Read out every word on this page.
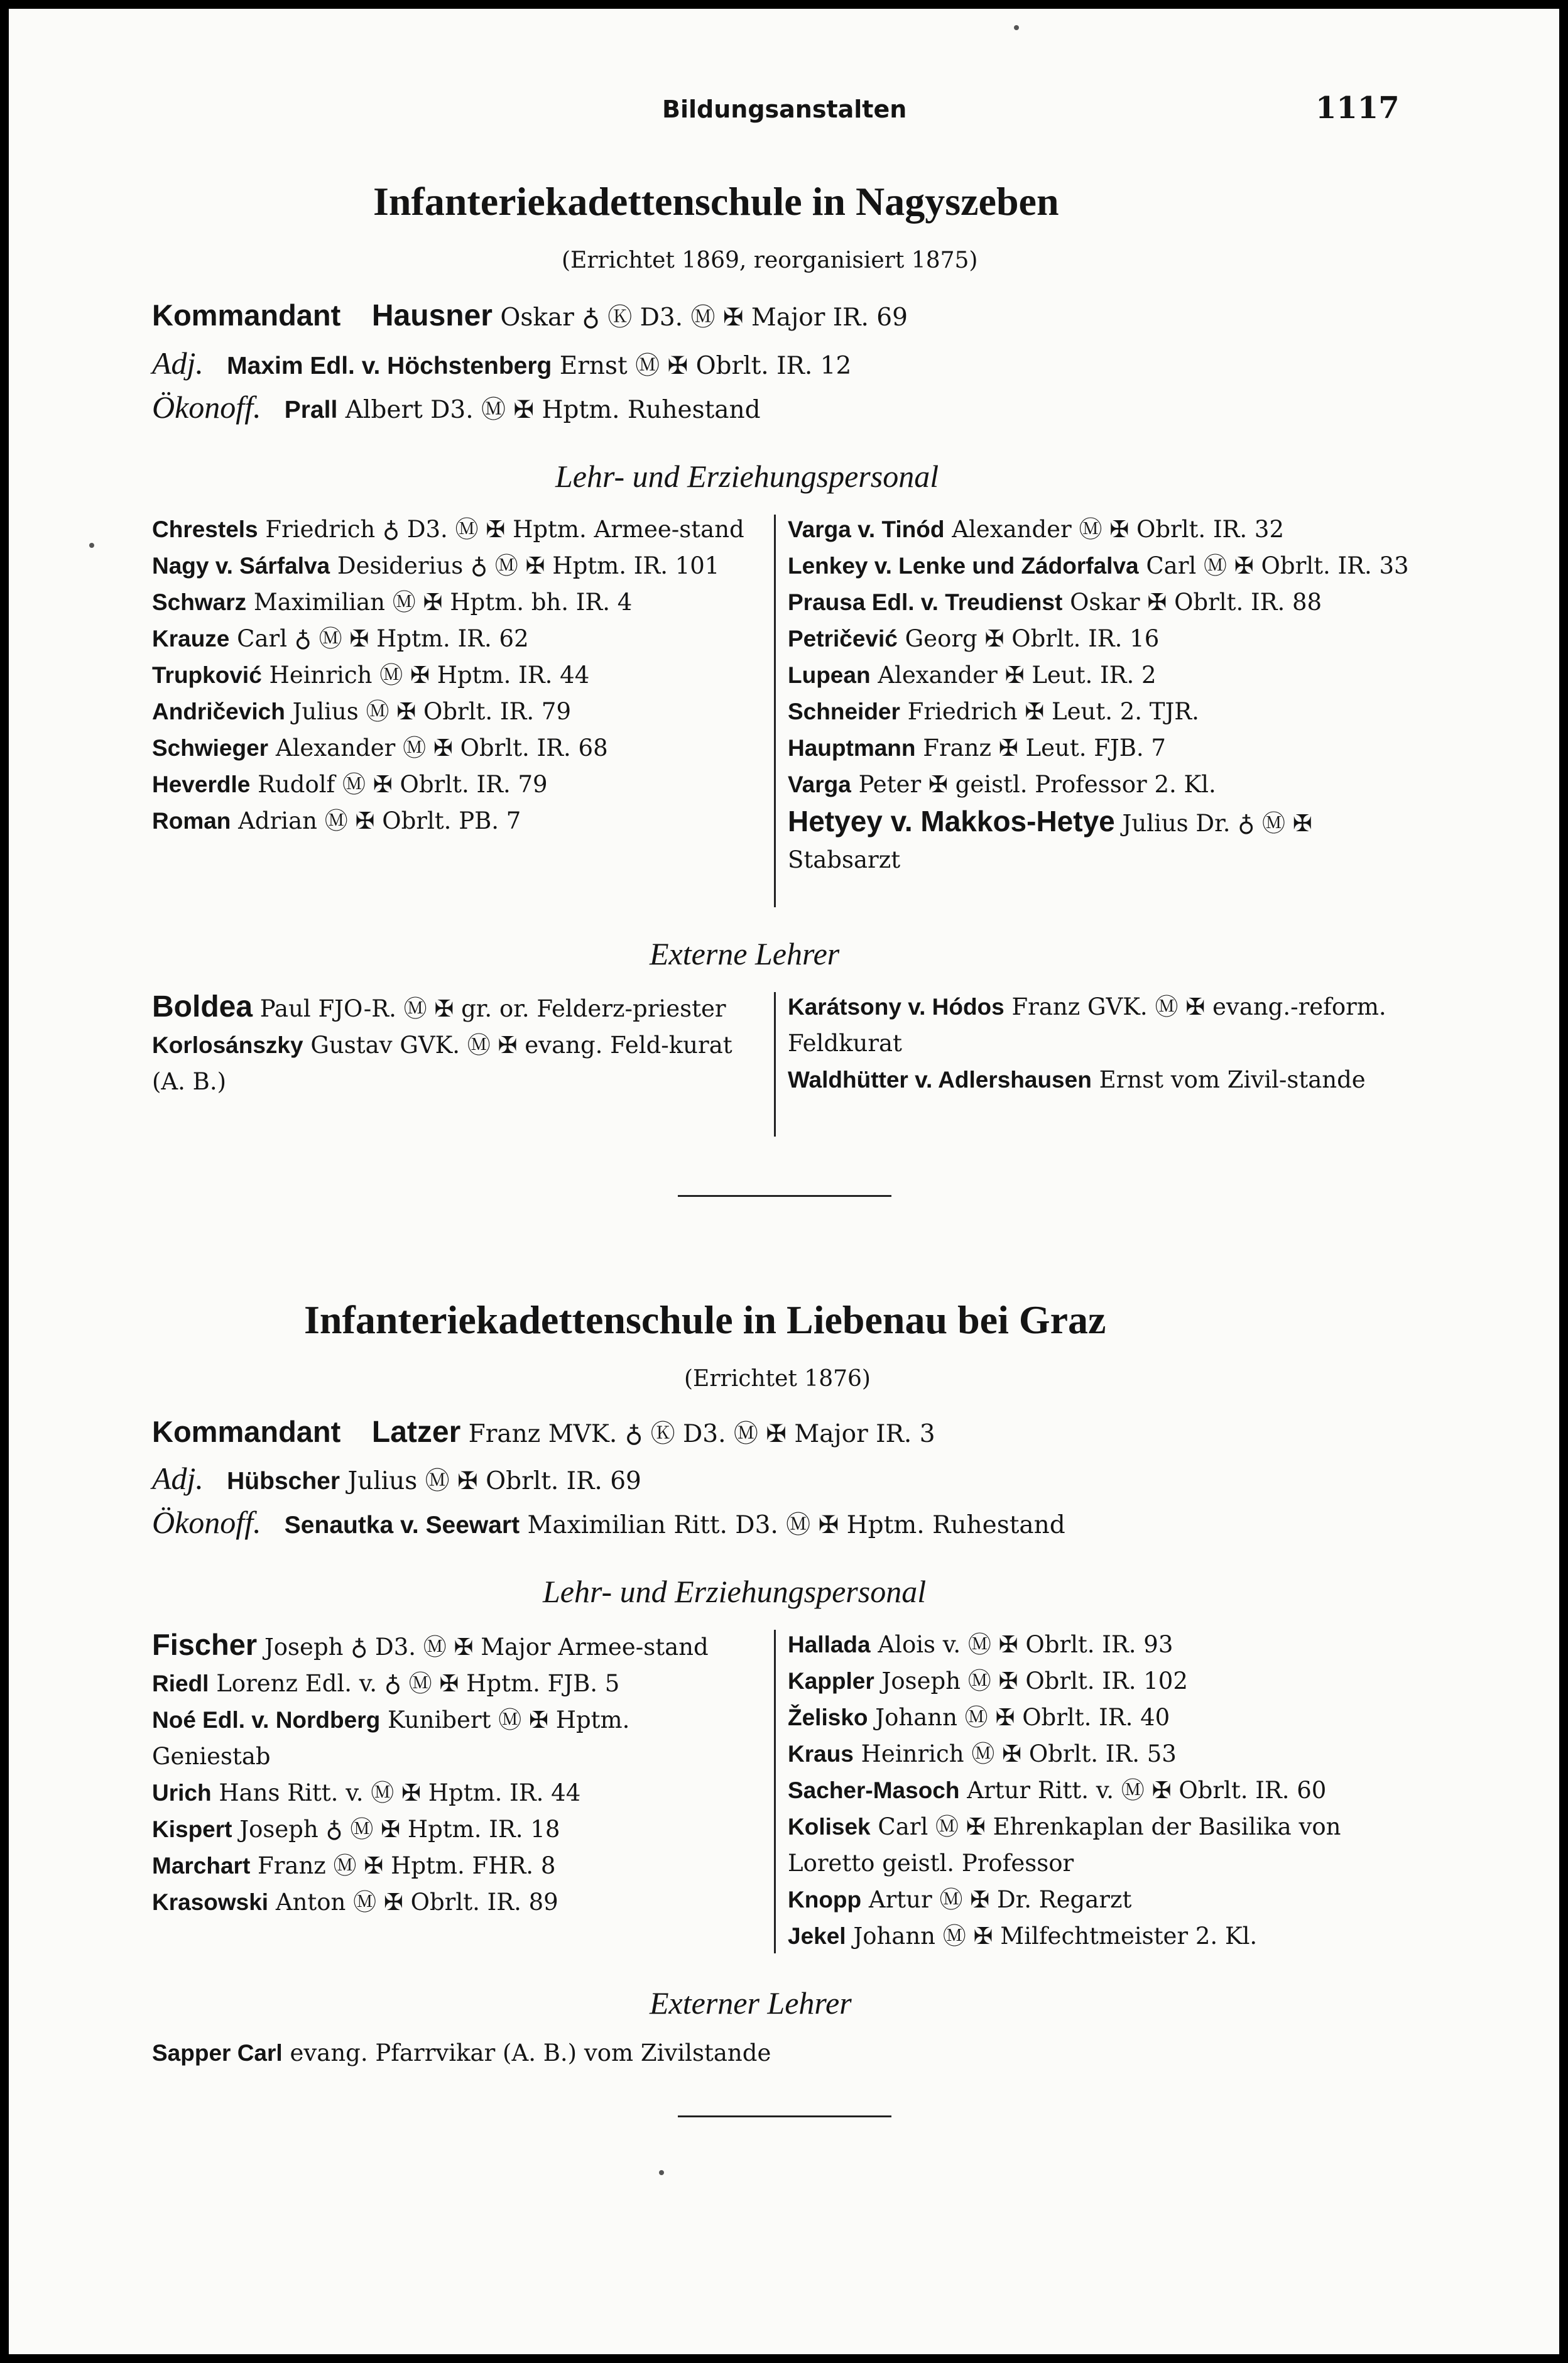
Bildungsanstalten	1117
Infanteriekadettenschule in Nagyszeben
(Errichtet 1869, reorganisiert 1875)
Kommandant Hausner Oskar ♁ Ⓚ D3. Ⓜ ✠ Major IR. 69
Adj. Maxim Edl. v. Höchstenberg Ernst Ⓜ ✠ Obrlt. IR. 12
Ökonoff. Prall Albert D3. Ⓜ ✠ Hptm. Ruhestand
Lehr- und Erziehungspersonal
Chrestels Friedrich ♁ D3. Ⓜ ✠ Hptm. Armee-stand
Nagy v. Sárfalva Desiderius ♁ Ⓜ ✠ Hptm. IR. 101
Schwarz Maximilian Ⓜ ✠ Hptm. bh. IR. 4
Krauze Carl ♁ Ⓜ ✠ Hptm. IR. 62
Trupković Heinrich Ⓜ ✠ Hptm. IR. 44
Andričevich Julius Ⓜ ✠ Obrlt. IR. 79
Schwieger Alexander Ⓜ ✠ Obrlt. IR. 68
Heverdle Rudolf Ⓜ ✠ Obrlt. IR. 79
Roman Adrian Ⓜ ✠ Obrlt. PB. 7
Varga v. Tinód Alexander Ⓜ ✠ Obrlt. IR. 32
Lenkey v. Lenke und Zádorfalva Carl Ⓜ ✠ Obrlt. IR. 33
Prausa Edl. v. Treudienst Oskar ✠ Obrlt. IR. 88
Petričević Georg ✠ Obrlt. IR. 16
Lupean Alexander ✠ Leut. IR. 2
Schneider Friedrich ✠ Leut. 2. TJR.
Hauptmann Franz ✠ Leut. FJB. 7
Varga Peter ✠ geistl. Professor 2. Kl.
Hetyey v. Makkos-Hetye Julius Dr. ♁ Ⓜ ✠ Stabsarzt
Externe Lehrer
Boldea Paul FJO-R. Ⓜ ✠ gr. or. Felderz-priester
Korlosánszky Gustav GVK. Ⓜ ✠ evang. Feld-kurat (A. B.)
Karátsony v. Hódos Franz GVK. Ⓜ ✠ evang.-reform. Feldkurat
Waldhütter v. Adlershausen Ernst vom Zivil-stande
Infanteriekadettenschule in Liebenau bei Graz
(Errichtet 1876)
Kommandant Latzer Franz MVK. ♁ Ⓚ D3. Ⓜ ✠ Major IR. 3
Adj. Hübscher Julius Ⓜ ✠ Obrlt. IR. 69
Ökonoff. Senautka v. Seewart Maximilian Ritt. D3. Ⓜ ✠ Hptm. Ruhestand
Lehr- und Erziehungspersonal
Fischer Joseph ♁ D3. Ⓜ ✠ Major Armee-stand
Riedl Lorenz Edl. v. ♁ Ⓜ ✠ Hptm. FJB. 5
Noé Edl. v. Nordberg Kunibert Ⓜ ✠ Hptm. Geniestab
Urich Hans Ritt. v. Ⓜ ✠ Hptm. IR. 44
Kispert Joseph ♁ Ⓜ ✠ Hptm. IR. 18
Marchart Franz Ⓜ ✠ Hptm. FHR. 8
Krasowski Anton Ⓜ ✠ Obrlt. IR. 89
Hallada Alois v. Ⓜ ✠ Obrlt. IR. 93
Kappler Joseph Ⓜ ✠ Obrlt. IR. 102
Želisko Johann Ⓜ ✠ Obrlt. IR. 40
Kraus Heinrich Ⓜ ✠ Obrlt. IR. 53
Sacher-Masoch Artur Ritt. v. Ⓜ ✠ Obrlt. IR. 60
Kolisek Carl Ⓜ ✠ Ehrenkaplan der Basilika von Loretto geistl. Professor
Knopp Artur Ⓜ ✠ Dr. Regarzt
Jekel Johann Ⓜ ✠ Milfechtmeister 2. Kl.
Externer Lehrer
Sapper Carl evang. Pfarrvikar (A. B.) vom Zivilstande
